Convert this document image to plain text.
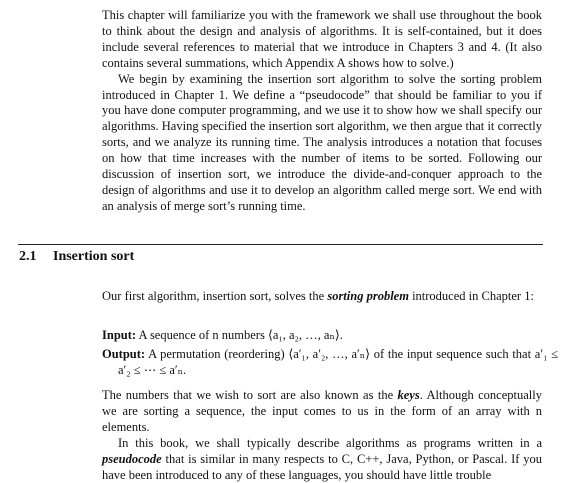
This chapter will familiarize you with the framework we shall use throughout the book to think about the design and analysis of algorithms. It is self-contained, but it does include several references to material that we introduce in Chapters 3 and 4. (It also contains several summations, which Appendix A shows how to solve.)
We begin by examining the insertion sort algorithm to solve the sorting problem introduced in Chapter 1. We define a “pseudocode” that should be familiar to you if you have done computer programming, and we use it to show how we shall specify our algorithms. Having specified the insertion sort algorithm, we then argue that it correctly sorts, and we analyze its running time. The analysis introduces a notation that focuses on how that time increases with the number of items to be sorted. Following our discussion of insertion sort, we introduce the divide-and-conquer approach to the design of algorithms and use it to develop an algorithm called merge sort. We end with an analysis of merge sort’s running time.
2.1 Insertion sort
Our first algorithm, insertion sort, solves the sorting problem introduced in Chapter 1:
Input: A sequence of n numbers ⟨a₁, a₂, …, aₙ⟩.
Output: A permutation (reordering) ⟨a′₁, a′₂, …, a′ₙ⟩ of the input sequence such that a′₁ ≤ a′₂ ≤ ⋯ ≤ a′ₙ.
The numbers that we wish to sort are also known as the keys. Although conceptually we are sorting a sequence, the input comes to us in the form of an array with n elements.
In this book, we shall typically describe algorithms as programs written in a pseudocode that is similar in many respects to C, C++, Java, Python, or Pascal. If you have been introduced to any of these languages, you should have little trouble
